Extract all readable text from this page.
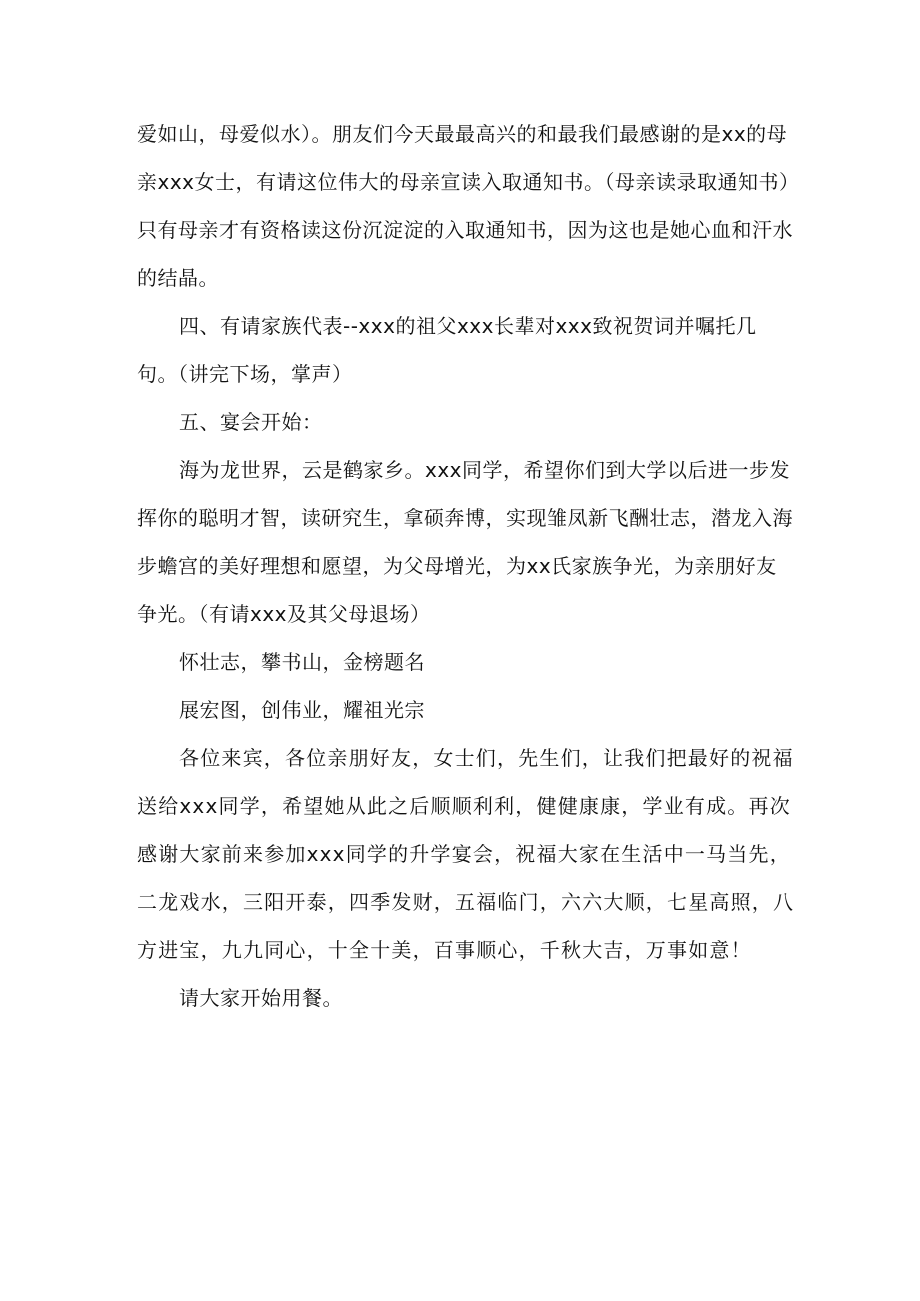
爱如山，母爱似水）。朋友们今天最最高兴的和最我们最感谢的是xx的母亲xxx女士，有请这位伟大的母亲宣读入取通知书。（母亲读录取通知书）只有母亲才有资格读这份沉淀淀的入取通知书，因为这也是她心血和汗水的结晶。

四、有请家族代表--xxx的祖父xxx长辈对xxx致祝贺词并嘱托几句。（讲完下场，掌声）

五、宴会开始：

海为龙世界，云是鹤家乡。xxx同学，希望你们到大学以后进一步发挥你的聪明才智，读研究生，拿硕奔博，实现雏凤新飞酬壮志，潜龙入海步蟾宫的美好理想和愿望，为父母增光，为xx氏家族争光，为亲朋好友争光。（有请xxx及其父母退场）

怀壮志，攀书山，金榜题名

展宏图，创伟业，耀祖光宗

各位来宾，各位亲朋好友，女士们，先生们，让我们把最好的祝福送给xxx同学，希望她从此之后顺顺利利，健健康康，学业有成。再次感谢大家前来参加xxx同学的升学宴会，祝福大家在生活中一马当先，二龙戏水，三阳开泰，四季发财，五福临门，六六大顺，七星高照，八方进宝，九九同心，十全十美，百事顺心，千秋大吉，万事如意！

请大家开始用餐。
